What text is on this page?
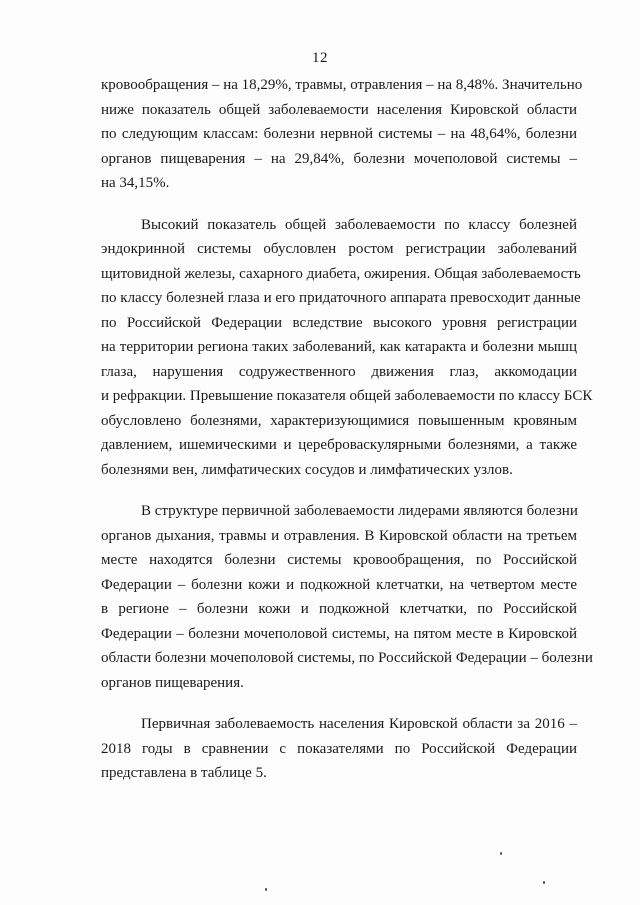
12

кровообращения – на 18,29%, травмы, отравления – на 8,48%. Значительно
ниже показатель общей заболеваемости населения Кировской области
по следующим классам: болезни нервной системы – на 48,64%, болезни
органов пищеварения – на 29,84%, болезни мочеполовой системы –
на 34,15%.

Высокий показатель общей заболеваемости по классу болезней
эндокринной системы обусловлен ростом регистрации заболеваний
щитовидной железы, сахарного диабета, ожирения. Общая заболеваемость
по классу болезней глаза и его придаточного аппарата превосходит данные
по Российской Федерации вследствие высокого уровня регистрации
на территории региона таких заболеваний, как катаракта и болезни мышц
глаза, нарушения содружественного движения глаз, аккомодации
и рефракции. Превышение показателя общей заболеваемости по классу БСК
обусловлено болезнями, характеризующимися повышенным кровяным
давлением, ишемическими и цереброваскулярными болезнями, а также
болезнями вен, лимфатических сосудов и лимфатических узлов.

В структуре первичной заболеваемости лидерами являются болезни
органов дыхания, травмы и отравления. В Кировской области на третьем
месте находятся болезни системы кровообращения, по Российской
Федерации – болезни кожи и подкожной клетчатки, на четвертом месте
в регионе – болезни кожи и подкожной клетчатки, по Российской
Федерации – болезни мочеполовой системы, на пятом месте в Кировской
области болезни мочеполовой системы, по Российской Федерации – болезни
органов пищеварения.

Первичная заболеваемость населения Кировской области за 2016 –
2018 годы в сравнении с показателями по Российской Федерации
представлена в таблице 5.
